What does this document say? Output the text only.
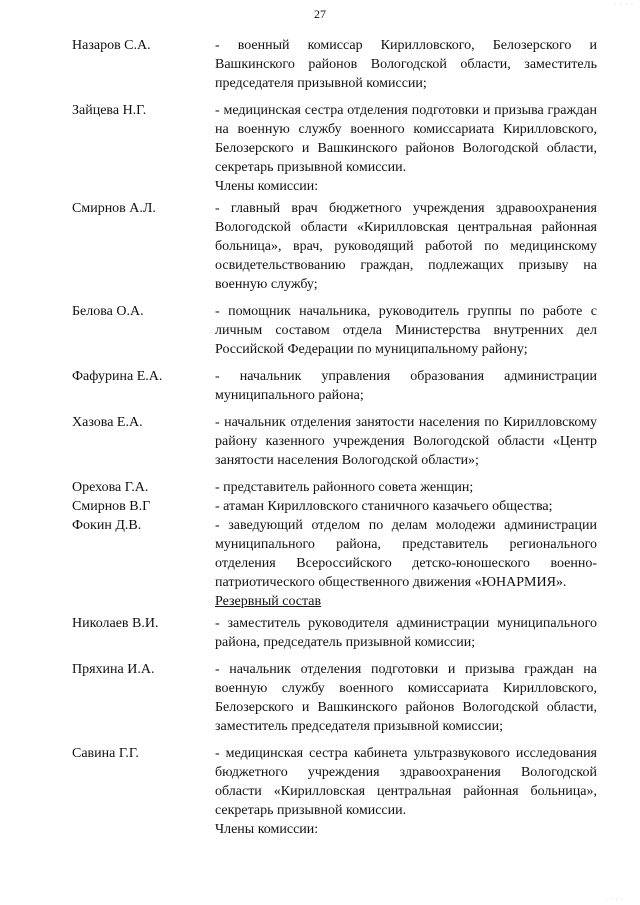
· · · ·
27
Назаров С.А.	- военный комиссар Кирилловского, Белозерского и Вашкинского районов Вологодской области, заместитель председателя призывной комиссии;
Зайцева Н.Г.	- медицинская сестра отделения подготовки и призыва граждан на военную службу военного комиссариата Кирилловского, Белозерского и Вашкинского районов Вологодской области, секретарь призывной комиссии.
Члены комиссии:
Смирнов А.Л.	- главный врач бюджетного учреждения здравоохранения Вологодской области «Кирилловская центральная районная больница», врач, руководящий работой по медицинскому освидетельствованию граждан, подлежащих призыву на военную службу;
Белова О.А.	- помощник начальника, руководитель группы по работе с личным составом отдела Министерства внутренних дел Российской Федерации по муниципальному району;
Фафурина Е.А.	- начальник управления образования администрации муниципального района;
Хазова Е.А.	- начальник отделения занятости населения по Кирилловскому району казенного учреждения Вологодской области «Центр занятости населения Вологодской области»;
Орехова Г.А.	- представитель районного совета женщин;
Смирнов В.Г	- атаман Кирилловского станичного казачьего общества;
Фокин Д.В.	- заведующий отделом по делам молодежи администрации муниципального района, представитель регионального отделения Всероссийского детско-юношеского военно-патриотического общественного движения «ЮНАРМИЯ».
Резервный состав
Николаев В.И.	- заместитель руководителя администрации муниципального района, председатель призывной комиссии;
Пряхина И.А.	- начальник отделения подготовки и призыва граждан на военную службу военного комиссариата Кирилловского, Белозерского и Вашкинского районов Вологодской области, заместитель председателя призывной комиссии;
Савина Г.Г.	- медицинская сестра кабинета ультразвукового исследования бюджетного учреждения здравоохранения Вологодской области «Кирилловская центральная районная больница», секретарь призывной комиссии.
Члены комиссии:
· · · ·
